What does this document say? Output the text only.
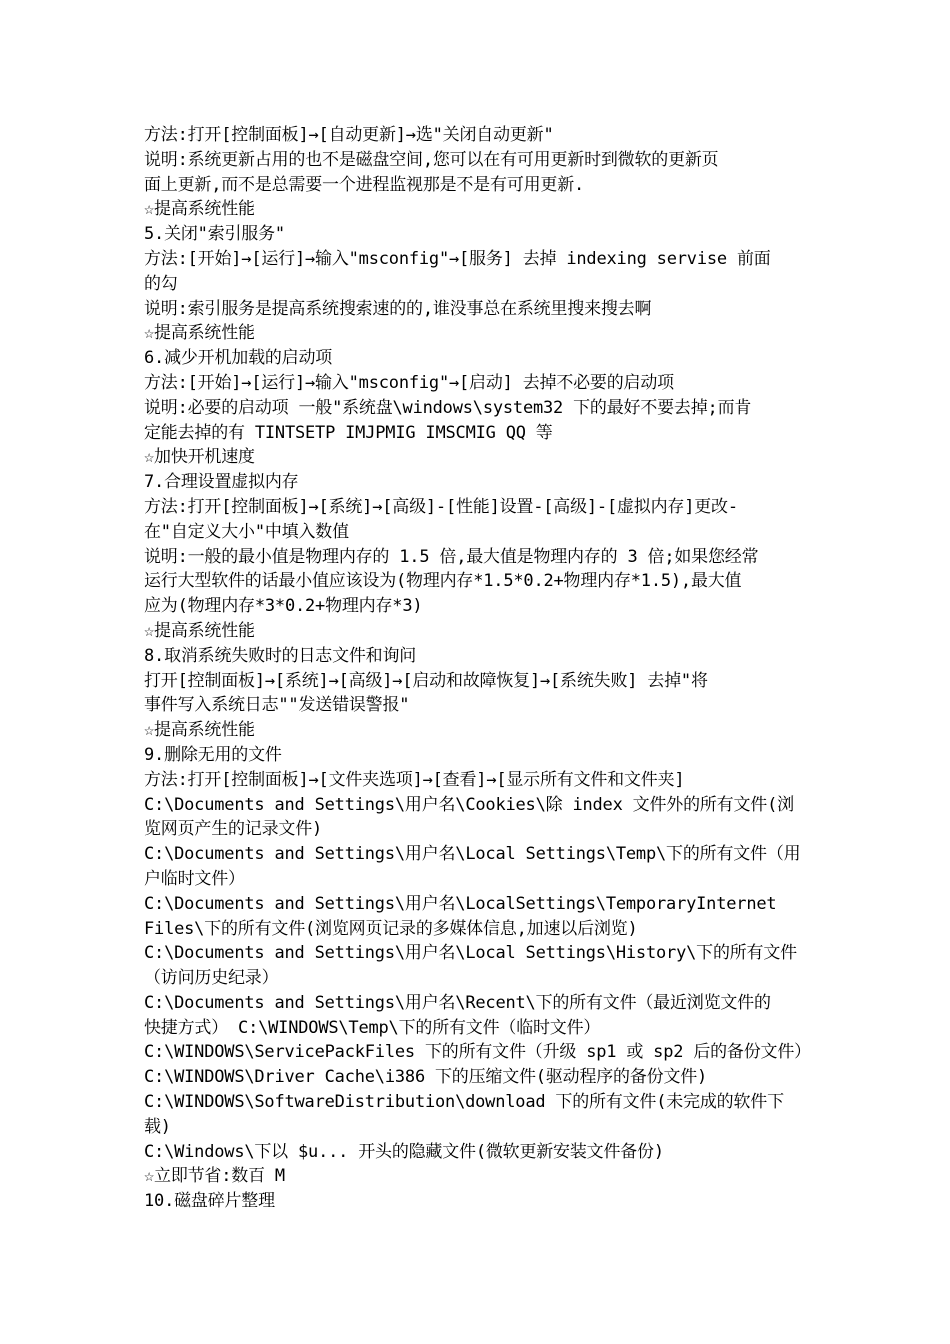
方法:打开[控制面板]→[自动更新]→选"关闭自动更新"
说明:系统更新占用的也不是磁盘空间,您可以在有可用更新时到微软的更新页
面上更新,而不是总需要一个进程监视那是不是有可用更新.
☆提高系统性能
5.关闭"索引服务"
方法:[开始]→[运行]→输入"msconfig"→[服务] 去掉 indexing servise 前面
的勾
说明:索引服务是提高系统搜索速的的,谁没事总在系统里搜来搜去啊
☆提高系统性能
6.减少开机加载的启动项
方法:[开始]→[运行]→输入"msconfig"→[启动] 去掉不必要的启动项
说明:必要的启动项 一般"系统盘\windows\system32 下的最好不要去掉;而肯
定能去掉的有 TINTSETP IMJPMIG IMSCMIG QQ 等
☆加快开机速度
7.合理设置虚拟内存
方法:打开[控制面板]→[系统]→[高级]-[性能]设置-[高级]-[虚拟内存]更改-
在"自定义大小"中填入数值
说明:一般的最小值是物理内存的 1.5 倍,最大值是物理内存的 3 倍;如果您经常
运行大型软件的话最小值应该设为(物理内存*1.5*0.2+物理内存*1.5),最大值
应为(物理内存*3*0.2+物理内存*3)
☆提高系统性能
8.取消系统失败时的日志文件和询问
打开[控制面板]→[系统]→[高级]→[启动和故障恢复]→[系统失败] 去掉"将
事件写入系统日志""发送错误警报"
☆提高系统性能
9.删除无用的文件
方法:打开[控制面板]→[文件夹选项]→[查看]→[显示所有文件和文件夹]
C:\Documents and Settings\用户名\Cookies\除 index 文件外的所有文件(浏
览网页产生的记录文件)
C:\Documents and Settings\用户名\Local Settings\Temp\下的所有文件（用
户临时文件）
C:\Documents and Settings\用户名\LocalSettings\TemporaryInternet
Files\下的所有文件(浏览网页记录的多媒体信息,加速以后浏览)
C:\Documents and Settings\用户名\Local Settings\History\下的所有文件
（访问历史纪录）
C:\Documents and Settings\用户名\Recent\下的所有文件（最近浏览文件的
快捷方式） C:\WINDOWS\Temp\下的所有文件（临时文件）
C:\WINDOWS\ServicePackFiles 下的所有文件（升级 sp1 或 sp2 后的备份文件）
C:\WINDOWS\Driver Cache\i386 下的压缩文件(驱动程序的备份文件)
C:\WINDOWS\SoftwareDistribution\download 下的所有文件(未完成的软件下
载)
C:\Windows\下以 $u... 开头的隐藏文件(微软更新安装文件备份)
☆立即节省:数百 M
10.磁盘碎片整理
